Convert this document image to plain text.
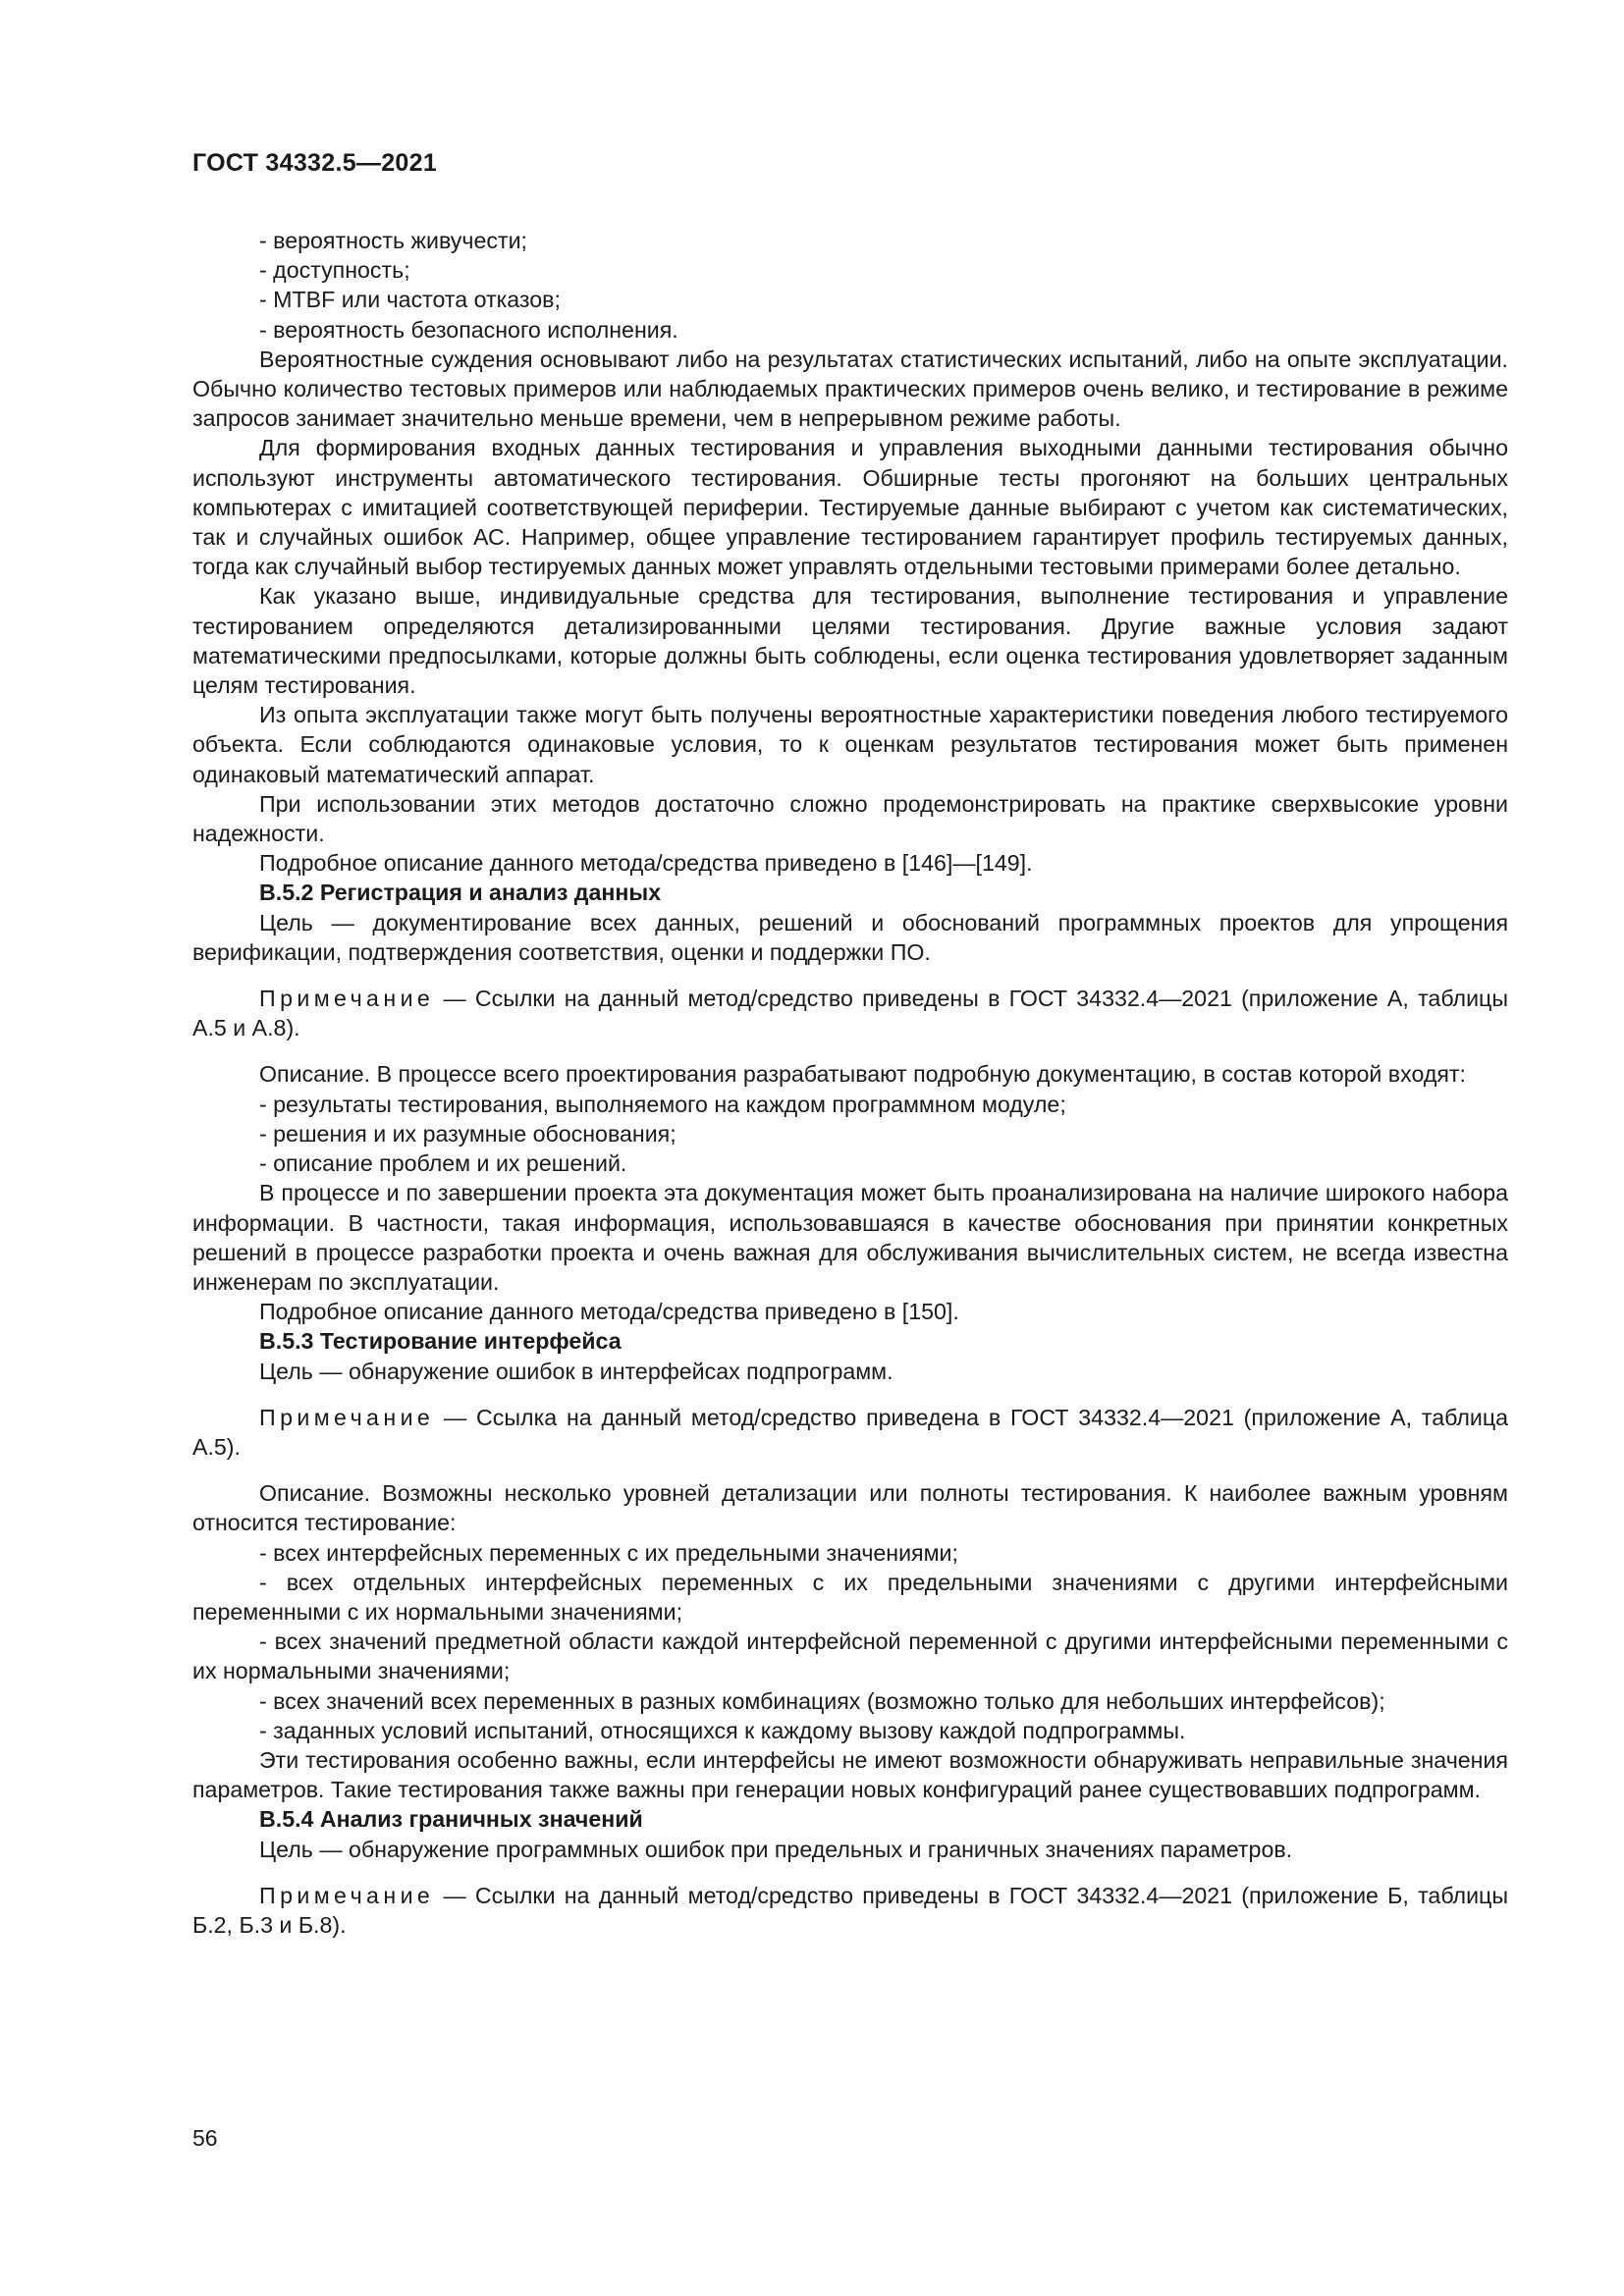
ГОСТ 34332.5—2021

- вероятность живучести;

- доступность;

- MTBF или частота отказов;

- вероятность безопасного исполнения.

Вероятностные суждения основывают либо на результатах статистических испытаний, либо на опыте эксплуатации. Обычно количество тестовых примеров или наблюдаемых практических примеров очень велико, и тестирование в режиме запросов занимает значительно меньше времени, чем в непрерывном режиме работы.

Для формирования входных данных тестирования и управления выходными данными тестирования обычно используют инструменты автоматического тестирования. Обширные тесты прогоняют на больших центральных компьютерах с имитацией соответствующей периферии. Тестируемые данные выбирают с учетом как систематических, так и случайных ошибок АС. Например, общее управление тестированием гарантирует профиль тестируемых данных, тогда как случайный выбор тестируемых данных может управлять отдельными тестовыми примерами более детально.

Как указано выше, индивидуальные средства для тестирования, выполнение тестирования и управление тестированием определяются детализированными целями тестирования. Другие важные условия задают математическими предпосылками, которые должны быть соблюдены, если оценка тестирования удовлетворяет заданным целям тестирования.

Из опыта эксплуатации также могут быть получены вероятностные характеристики поведения любого тестируемого объекта. Если соблюдаются одинаковые условия, то к оценкам результатов тестирования может быть применен одинаковый математический аппарат.

При использовании этих методов достаточно сложно продемонстрировать на практике сверхвысокие уровни надежности.

Подробное описание данного метода/средства приведено в [146]—[149].

В.5.2 Регистрация и анализ данных

Цель — документирование всех данных, решений и обоснований программных проектов для упрощения верификации, подтверждения соответствия, оценки и поддержки ПО.

Примечание — Ссылки на данный метод/средство приведены в ГОСТ 34332.4—2021 (приложение А, таблицы А.5 и А.8).

Описание. В процессе всего проектирования разрабатывают подробную документацию, в состав которой входят:

- результаты тестирования, выполняемого на каждом программном модуле;

- решения и их разумные обоснования;

- описание проблем и их решений.

В процессе и по завершении проекта эта документация может быть проанализирована на наличие широкого набора информации. В частности, такая информация, использовавшаяся в качестве обоснования при принятии конкретных решений в процессе разработки проекта и очень важная для обслуживания вычислительных систем, не всегда известна инженерам по эксплуатации.

Подробное описание данного метода/средства приведено в [150].

В.5.3 Тестирование интерфейса

Цель — обнаружение ошибок в интерфейсах подпрограмм.

Примечание — Ссылка на данный метод/средство приведена в ГОСТ 34332.4—2021 (приложение А, таблица А.5).

Описание. Возможны несколько уровней детализации или полноты тестирования. К наиболее важным уровням относится тестирование:

- всех интерфейсных переменных с их предельными значениями;

- всех отдельных интерфейсных переменных с их предельными значениями с другими интерфейсными переменными с их нормальными значениями;

- всех значений предметной области каждой интерфейсной переменной с другими интерфейсными переменными с их нормальными значениями;

- всех значений всех переменных в разных комбинациях (возможно только для небольших интерфейсов);

- заданных условий испытаний, относящихся к каждому вызову каждой подпрограммы.

Эти тестирования особенно важны, если интерфейсы не имеют возможности обнаруживать неправильные значения параметров. Такие тестирования также важны при генерации новых конфигураций ранее существовавших подпрограмм.

В.5.4 Анализ граничных значений

Цель — обнаружение программных ошибок при предельных и граничных значениях параметров.

Примечание — Ссылки на данный метод/средство приведены в ГОСТ 34332.4—2021 (приложение Б, таблицы Б.2, Б.3 и Б.8).

56
